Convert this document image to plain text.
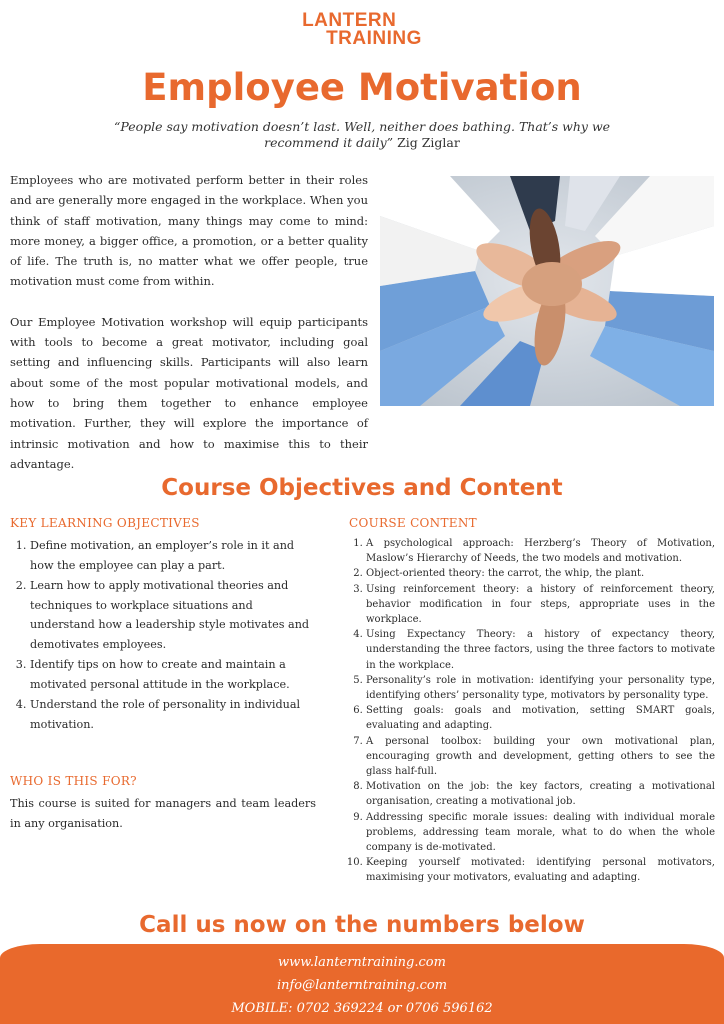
LANTERN
TRAINING
Employee Motivation
“People say motivation doesn’t last. Well, neither does bathing. That’s why we recommend it daily” Zig Ziglar

Employees who are motivated perform better in their roles and are generally more engaged in the workplace. When you think of staff motivation, many things may come to mind: more money, a bigger office, a promotion, or a better quality of life. The truth is, no matter what we offer people, true motivation must come from within.

Our Employee Motivation workshop will equip participants with tools to become a great motivator, including goal setting and influencing skills. Participants will also learn about some of the most popular motivational models, and how to bring them together to enhance employee motivation. Further, they will explore the importance of intrinsic motivation and how to maximise this to their advantage.

Course Objectives and Content
KEY LEARNING OBJECTIVES
1. Define motivation, an employer’s role in it and how the employee can play a part.
2. Learn how to apply motivational theories and techniques to workplace situations and understand how a leadership style motivates and demotivates employees.
3. Identify tips on how to create and maintain a motivated personal attitude in the workplace.
4. Understand the role of personality in individual motivation.
WHO IS THIS FOR?

This course is suited for managers and team leaders in any organisation.

COURSE CONTENT
1. A psychological approach: Herzberg’s Theory of Motivation, Maslow’s Hierarchy of Needs, the two models and motivation.
2. Object-oriented theory: the carrot, the whip, the plant.
3. Using reinforcement theory: a history of reinforcement theory, behavior modification in four steps, appropriate uses in the workplace.
4. Using Expectancy Theory: a history of expectancy theory, understanding the three factors, using the three factors to motivate in the workplace.
5. Personality’s role in motivation: identifying your personality type, identifying others’ personality type, motivators by personality type.
6. Setting goals: goals and motivation, setting SMART goals, evaluating and adapting.
7. A personal toolbox: building your own motivational plan, encouraging growth and development, getting others to see the glass half-full.
8. Motivation on the job: the key factors, creating a motivational organisation, creating a motivational job.
9. Addressing specific morale issues: dealing with individual morale problems, addressing team morale, what to do when the whole company is de-motivated.
10. Keeping yourself motivated: identifying personal motivators, maximising your motivators, evaluating and adapting.
Call us now on the numbers below
www.lanterntraining.com
info@lanterntraining.com
MOBILE: 0702 369224 or 0706 596162
